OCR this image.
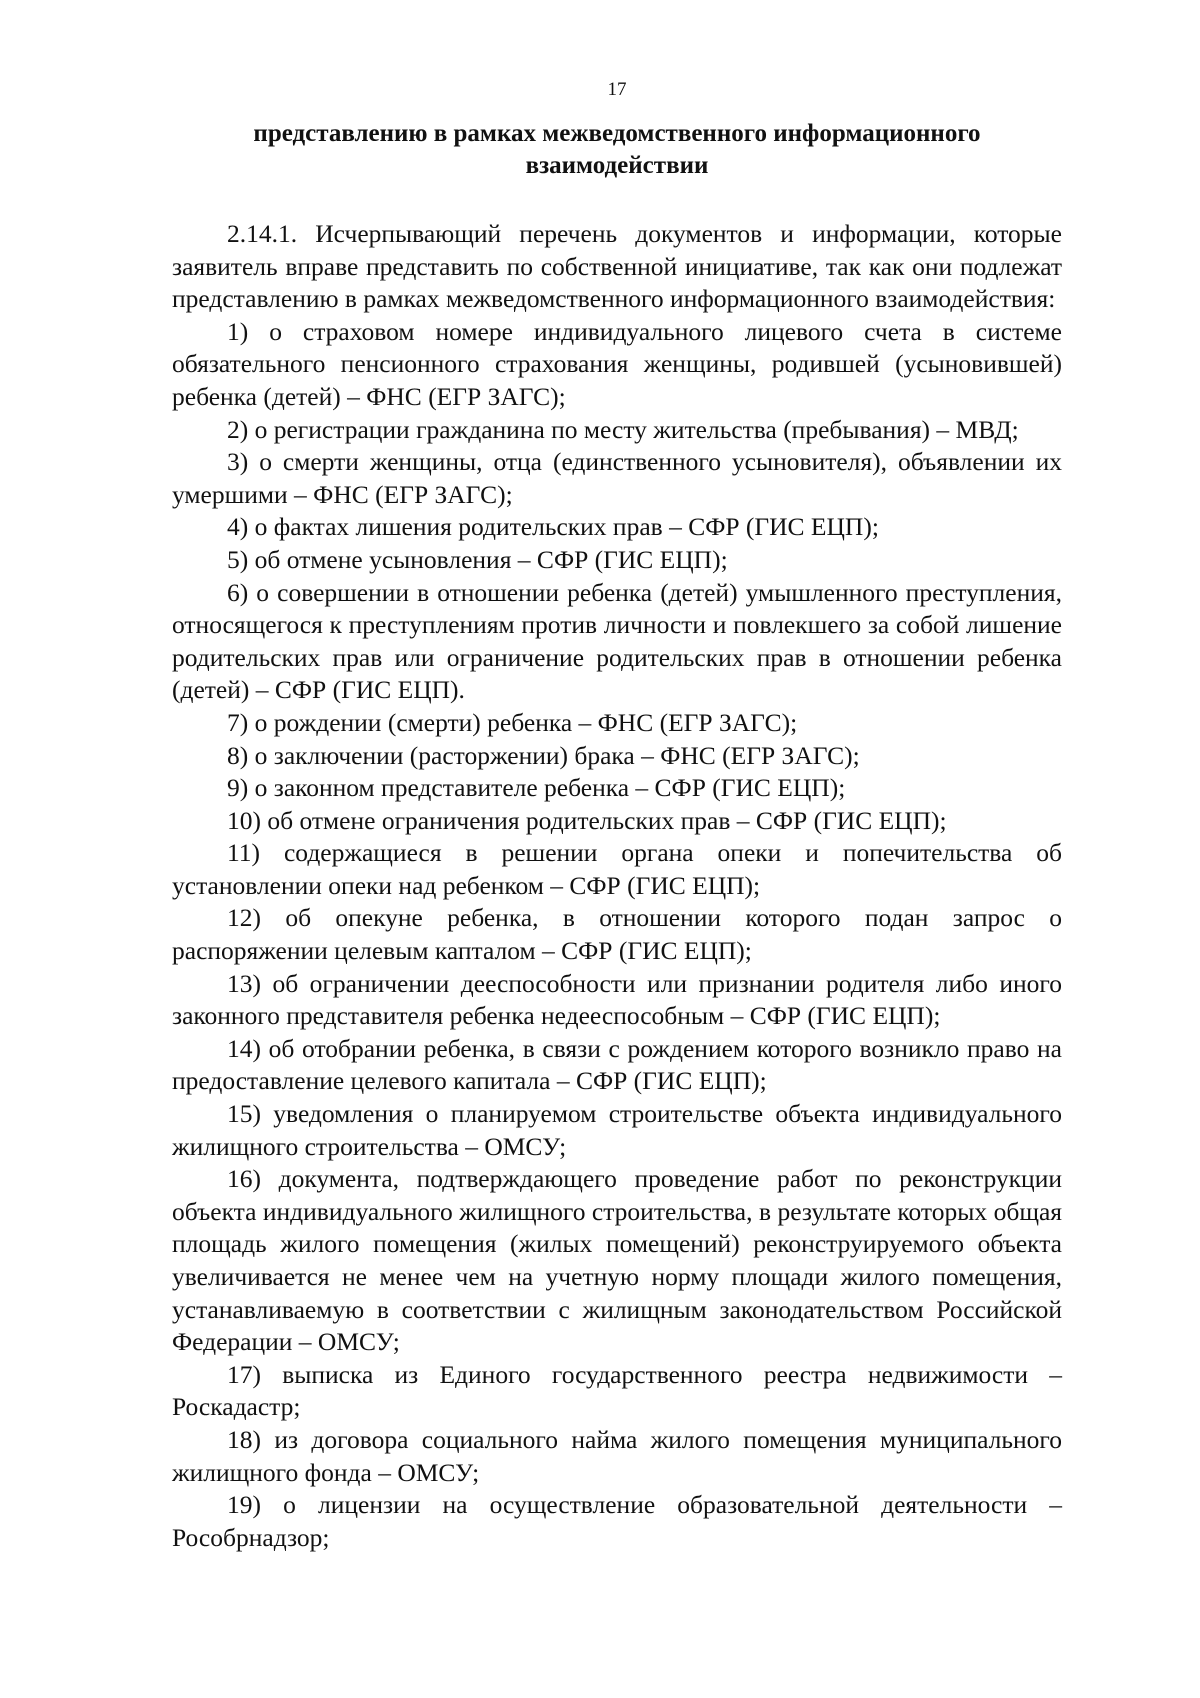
17
представлению в рамках межведомственного информационного
взаимодействии

2.14.1. Исчерпывающий перечень документов и информации, которые заявитель вправе представить по собственной инициативе, так как они подлежат представлению в рамках межведомственного информационного взаимодействия:

1) о страховом номере индивидуального лицевого счета в системе обязательного пенсионного страхования женщины, родившей (усыновившей) ребенка (детей) – ФНС (ЕГР ЗАГС);

2) о регистрации гражданина по месту жительства (пребывания) – МВД;

3) о смерти женщины, отца (единственного усыновителя), объявлении их умершими – ФНС (ЕГР ЗАГС);

4) о фактах лишения родительских прав – СФР (ГИС ЕЦП);

5) об отмене усыновления – СФР (ГИС ЕЦП);

6) о совершении в отношении ребенка (детей) умышленного преступления, относящегося к преступлениям против личности и повлекшего за собой лишение родительских прав или ограничение родительских прав в отношении ребенка (детей) – СФР (ГИС ЕЦП).

7) о рождении (смерти) ребенка – ФНС (ЕГР ЗАГС);

8) о заключении (расторжении) брака – ФНС (ЕГР ЗАГС);

9) о законном представителе ребенка – СФР (ГИС ЕЦП);

10) об отмене ограничения родительских прав – СФР (ГИС ЕЦП);

11) содержащиеся в решении органа опеки и попечительства об установлении опеки над ребенком – СФР (ГИС ЕЦП);

12) об опекуне ребенка, в отношении которого подан запрос о распоряжении целевым капталом – СФР (ГИС ЕЦП);

13) об ограничении дееспособности или признании родителя либо иного законного представителя ребенка недееспособным – СФР (ГИС ЕЦП);

14) об отобрании ребенка, в связи с рождением которого возникло право на предоставление целевого капитала – СФР (ГИС ЕЦП);

15) уведомления о планируемом строительстве объекта индивидуального жилищного строительства – ОМСУ;

16) документа, подтверждающего проведение работ по реконструкции объекта индивидуального жилищного строительства, в результате которых общая площадь жилого помещения (жилых помещений) реконструируемого объекта увеличивается не менее чем на учетную норму площади жилого помещения, устанавливаемую в соответствии с жилищным законодательством Российской Федерации – ОМСУ;

17) выписка из Единого государственного реестра недвижимости – Роскадастр;

18) из договора социального найма жилого помещения муниципального жилищного фонда – ОМСУ;

19) о лицензии на осуществление образовательной деятельности – Рособрнадзор;
